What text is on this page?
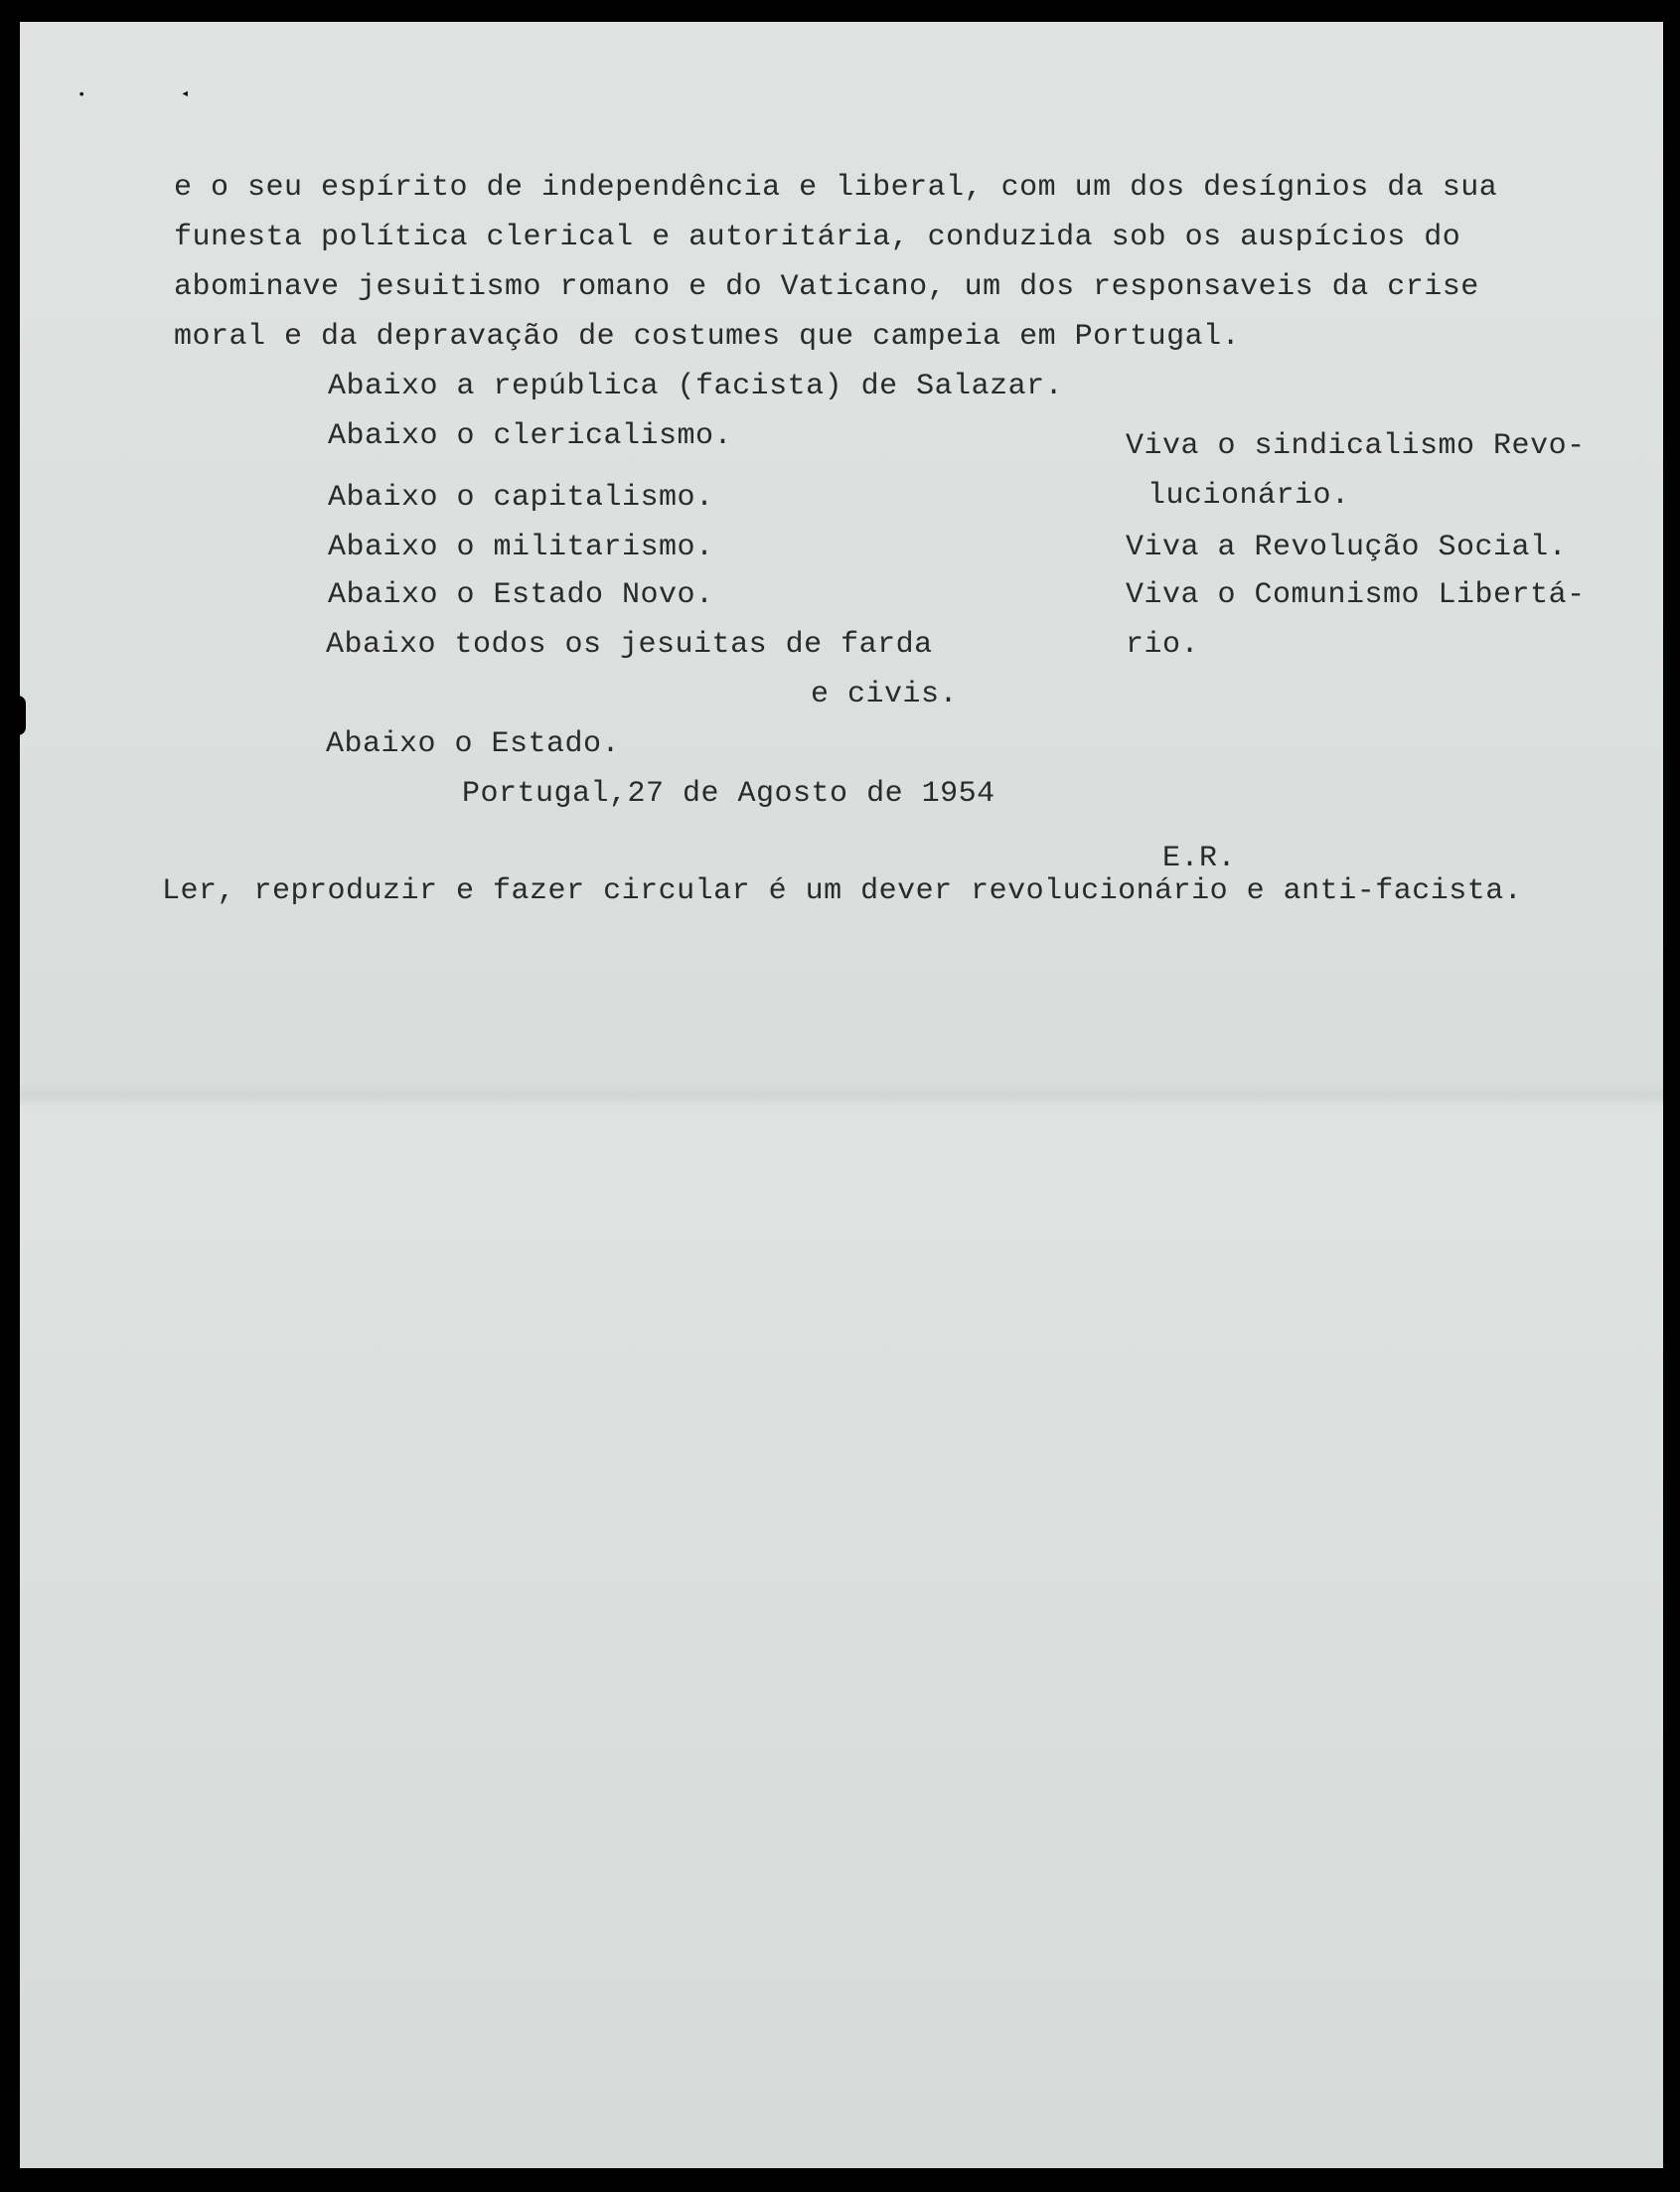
•	◂
e o seu espírito de independência e liberal, com um dos desígnios da sua
funesta política clerical e autoritária, conduzida sob os auspícios do
abominave jesuitismo romano e do Vaticano, um dos responsaveis da crise
moral e da depravação de costumes que campeia em Portugal.
Abaixo a república (facista) de Salazar.
Abaixo o clericalismo.
Abaixo o capitalismo.
Abaixo o militarismo.
Abaixo o Estado Novo.
Abaixo todos os jesuitas de farda
e civis.
Abaixo o Estado.
Viva o sindicalismo Revo-
lucionário.
Viva a Revolução Social.
Viva o Comunismo Libertá-
rio.
Portugal,27 de Agosto de 1954
E.R.
Ler, reproduzir e fazer circular é um dever revolucionário e anti-facista.
